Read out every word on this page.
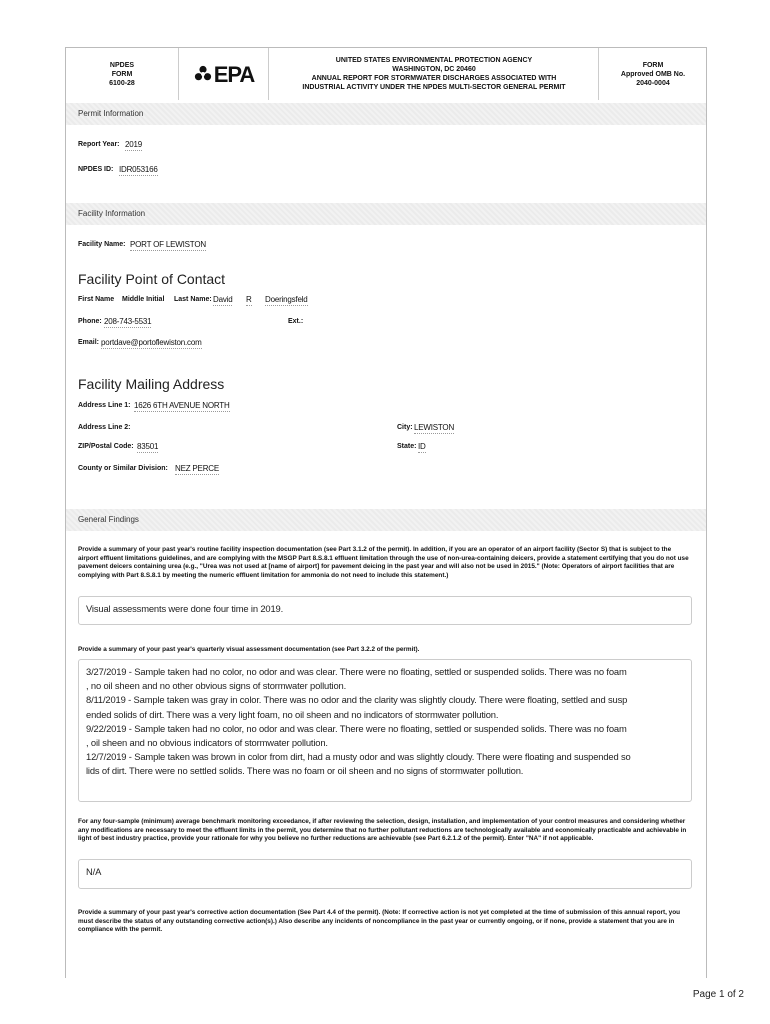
NPDES
FORM
6100-28	EPA
UNITED STATES ENVIRONMENTAL PROTECTION AGENCY
WASHINGTON, DC 20460
ANNUAL REPORT FOR STORMWATER DISCHARGES ASSOCIATED WITH
INDUSTRIAL ACTIVITY UNDER THE NPDES MULTI-SECTOR GENERAL PERMIT
FORM
Approved OMB No.
2040-0004
Permit Information
Report Year: 2019
NPDES ID: IDR053166
Facility Information
Facility Name: PORT OF LEWISTON
Facility Point of Contact
First Name Middle Initial Last Name: David R Doeringsfeld
Phone: 208-743-5531	Ext.:
Email: portdave@portoflewiston.com
Facility Mailing Address
Address Line 1: 1626 6TH AVENUE NORTH
Address Line 2:	City: LEWISTON
ZIP/Postal Code: 83501	State: ID
County or Similar Division: NEZ PERCE
General Findings
Provide a summary of your past year's routine facility inspection documentation (see Part 3.1.2 of the permit). In addition, if you are an operator of an airport facility (Sector S) that is subject to the airport effluent limitations guidelines, and are complying with the MSGP Part 8.S.8.1 effluent limitation through the use of non-urea-containing deicers, provide a statement certifying that you do not use pavement deicers containing urea (e.g., "Urea was not used at [name of airport] for pavement deicing in the past year and will also not be used in 2015." (Note: Operators of airport facilities that are complying with Part 8.S.8.1 by meeting the numeric effluent limitation for ammonia do not need to include this statement.)
Visual assessments were done four time in 2019.
Provide a summary of your past year's quarterly visual assessment documentation (see Part 3.2.2 of the permit).
3/27/2019 - Sample taken had no color, no odor and was clear. There were no floating, settled or suspended solids. There was no foam
, no oil sheen and no other obvious signs of stormwater pollution.
8/11/2019 - Sample taken was gray in color. There was no odor and the clarity was slightly cloudy. There were floating, settled and susp
ended solids of dirt. There was a very light foam, no oil sheen and no indicators of stormwater pollution.
9/22/2019 - Sample taken had no color, no odor and was clear. There were no floating, settled or suspended solids. There was no foam
, oil sheen and no obvious indicators of stormwater pollution.
12/7/2019 - Sample taken was brown in color from dirt, had a musty odor and was slightly cloudy. There were floating and suspended so
lids of dirt. There were no settled solids. There was no foam or oil sheen and no signs of stormwater pollution.
For any four-sample (minimum) average benchmark monitoring exceedance, if after reviewing the selection, design, installation, and implementation of your control measures and considering whether any modifications are necessary to meet the effluent limits in the permit, you determine that no further pollutant reductions are technologically available and economically practicable and achievable in light of best industry practice, provide your rationale for why you believe no further reductions are achievable (see Part 6.2.1.2 of the permit). Enter "NA" if not applicable.
N/A
Provide a summary of your past year's corrective action documentation (See Part 4.4 of the permit). (Note: If corrective action is not yet completed at the time of submission of this annual report, you must describe the status of any outstanding corrective action(s).) Also describe any incidents of noncompliance in the past year or currently ongoing, or if none, provide a statement that you are in compliance with the permit.
Page 1 of 2
